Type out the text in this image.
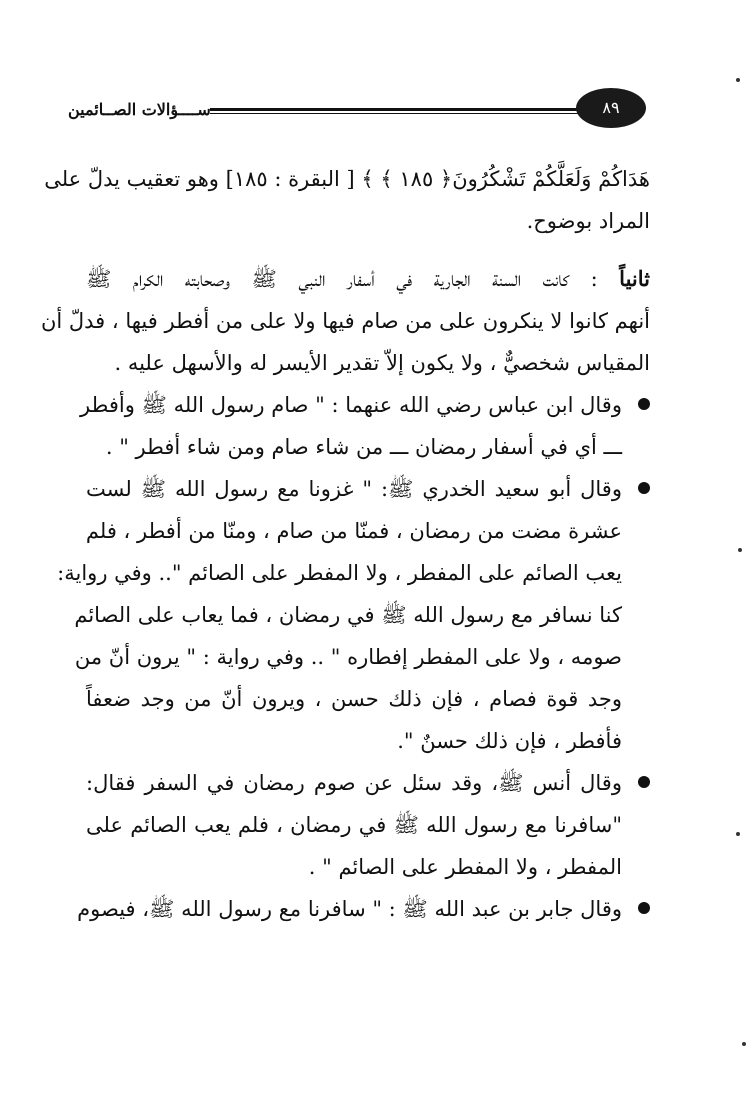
ســــؤالات الصــائمين	٨٩
هَدَاكُمْ وَلَعَلَّكُمْ تَشْكُرُونَ﴿ ١٨٥ ﴾ ﴾ [ البقرة : ١٨٥] وهو تعقيب يدلّ على
المراد بوضوح.
ثانياً : كانت السنة الجارية في أسفار النبي ﷺ وصحابته الكرام ﷺ
أنهم كانوا لا ينكرون على من صام فيها ولا على من أفطر فيها ، فدلّ أن
المقياس شخصيٌّ ، ولا يكون إلاّ تقدير الأيسر له والأسهل عليه .
وقال ابن عباس رضي الله عنهما : " صام رسول الله ﷺ وأفطر
ـــ أي في أسفار رمضان ـــ من شاء صام ومن شاء أفطر " .
وقال أبو سعيد الخدري ﷺ: " غزونا مع رسول الله ﷺ لست
عشرة مضت من رمضان ، فمنّا من صام ، ومنّا من أفطر ، فلم
يعب الصائم على المفطر ، ولا المفطر على الصائم ".. وفي رواية:
كنا نسافر مع رسول الله ﷺ في رمضان ، فما يعاب على الصائم
صومه ، ولا على المفطر إفطاره " .. وفي رواية : " يرون أنّ من
وجد قوة فصام ، فإن ذلك حسن ، ويرون أنّ من وجد ضعفاً
فأفطر ، فإن ذلك حسنٌ ".
وقال أنس ﷺ، وقد سئل عن صوم رمضان في السفر فقال:
"سافرنا مع رسول الله ﷺ في رمضان ، فلم يعب الصائم على
المفطر ، ولا المفطر على الصائم " .
وقال جابر بن عبد الله ﷺ : " سافرنا مع رسول الله ﷺ، فيصوم
